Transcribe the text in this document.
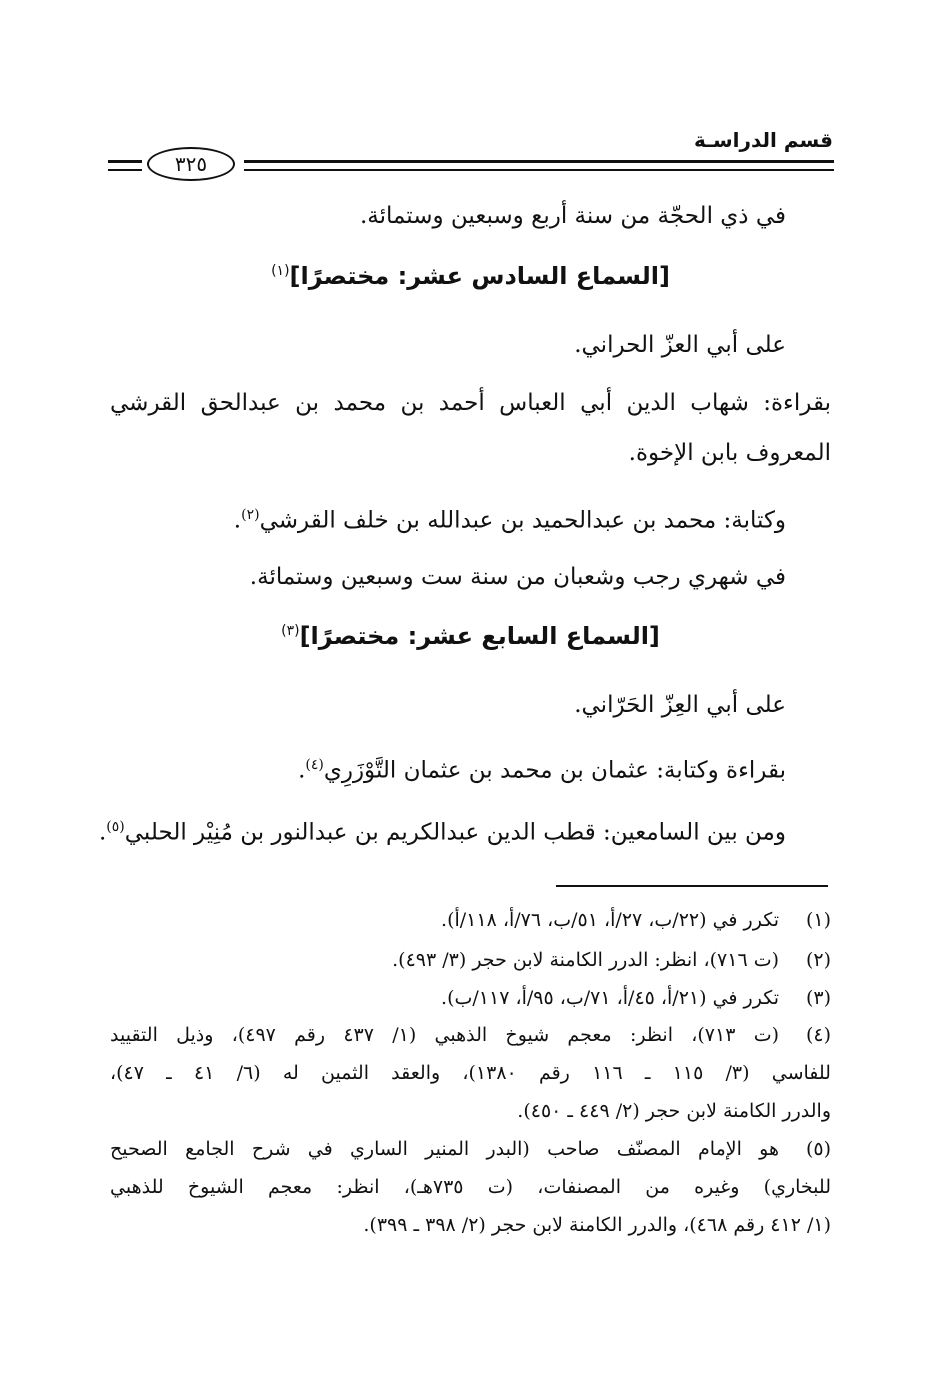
قسم الدراسـة
٣٢٥
في ذي الحجّة من سنة أربع وسبعين وستمائة.
[السماع السادس عشر: مختصرًا]$^{(١)}$
على أبي العزّ الحراني.
بقراءة: شهاب الدين أبي العباس أحمد بن محمد بن عبدالحق القرشي
المعروف بابن الإخوة.
وكتابة: محمد بن عبدالحميد بن عبدالله بن خلف القرشي$^{(٢)}$.
في شهري رجب وشعبان من سنة ست وسبعين وستمائة.
[السماع السابع عشر: مختصرًا]$^{(٣)}$
على أبي العِزّ الحَرّاني.
بقراءة وكتابة: عثمان بن محمد بن عثمان التَّوْزَرِي$^{(٤)}$.
ومن بين السامعين: قطب الدين عبدالكريم بن عبدالنور بن مُنِيْر الحلبي$^{(٥)}$.
(١)
تكرر في (٢٢/ب، ٢٧/أ، ٥١/ب، ٧٦/أ، ١١٨/أ).
(٢)
(ت ٧١٦)، انظر: الدرر الكامنة لابن حجر (٣/ ٤٩٣).
(٣)
تكرر في (٢١/أ، ٤٥/أ، ٧١/ب، ٩٥/أ، ١١٧/ب).
(٤)
(ت ٧١٣)، انظر: معجم شيوخ الذهبي (١/ ٤٣٧ رقم ٤٩٧)، وذيل التقييد
للفاسي (٣/ ١١٥ ـ ١١٦ رقم ١٣٨٠)، والعقد الثمين له (٦/ ٤١ ـ ٤٧)،
والدرر الكامنة لابن حجر (٢/ ٤٤٩ ـ ٤٥٠).
(٥)
هو الإمام المصنّف صاحب (البدر المنير الساري في شرح الجامع الصحيح
للبخاري) وغيره من المصنفات، (ت ٧٣٥هـ)، انظر: معجم الشيوخ للذهبي
(١/ ٤١٢ رقم ٤٦٨)، والدرر الكامنة لابن حجر (٢/ ٣٩٨ ـ ٣٩٩).
